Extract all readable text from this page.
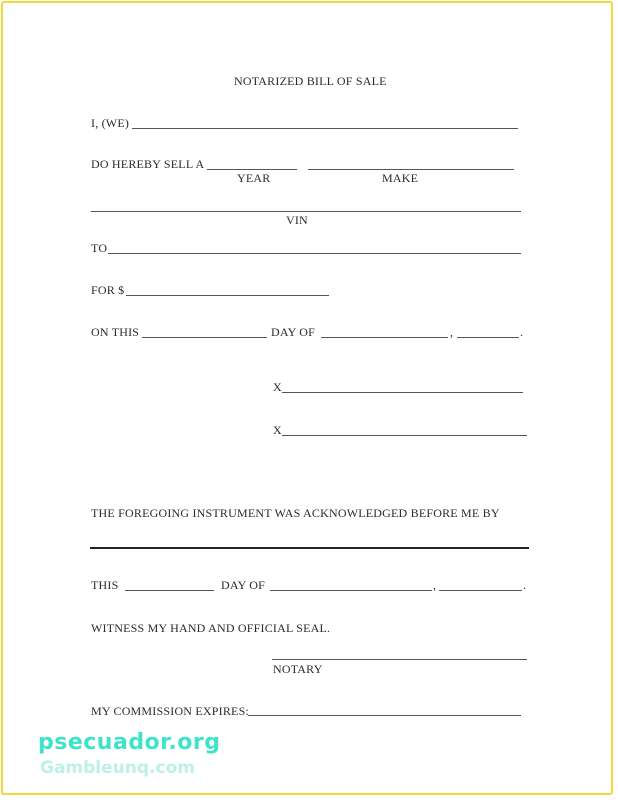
NOTARIZED BILL OF SALE
I, (WE)
DO HEREBY SELL A
YEAR	MAKE
VIN
TO
FOR $
ON THIS	DAY OF	,	.
X
X
THE FOREGOING INSTRUMENT WAS ACKNOWLEDGED BEFORE ME BY
THIS	DAY OF	,	.
WITNESS MY HAND AND OFFICIAL SEAL.
NOTARY
MY COMMISSION EXPIRES:
psecuador.org
Gambleunq.com
